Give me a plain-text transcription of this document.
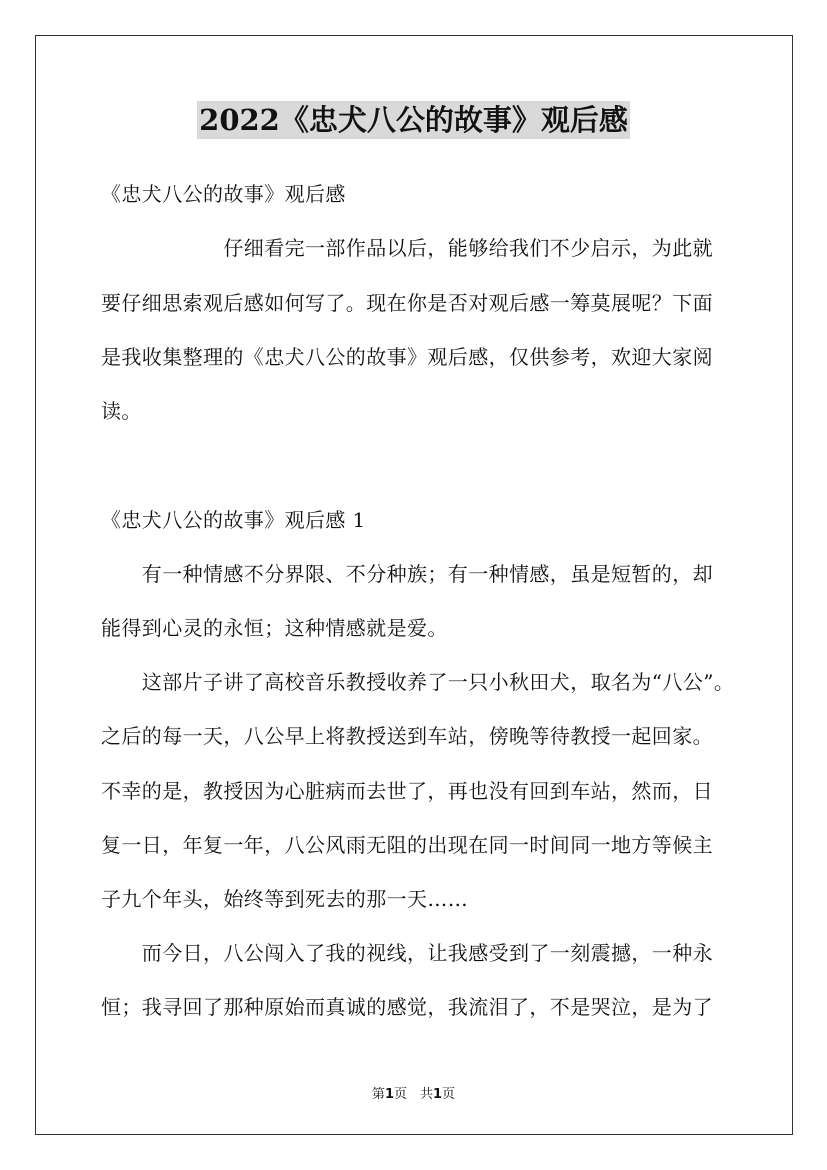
2022《忠犬八公的故事》观后感
《忠犬八公的故事》观后感
　　　　　　仔细看完一部作品以后，能够给我们不少启示，为此就
要仔细思索观后感如何写了。现在你是否对观后感一筹莫展呢？下面
是我收集整理的《忠犬八公的故事》观后感，仅供参考，欢迎大家阅
读。
《忠犬八公的故事》观后感 1
　　有一种情感不分界限、不分种族；有一种情感，虽是短暂的，却
能得到心灵的永恒；这种情感就是爱。
　　这部片子讲了高校音乐教授收养了一只小秋田犬，取名为“八公”。
之后的每一天，八公早上将教授送到车站，傍晚等待教授一起回家。
不幸的是，教授因为心脏病而去世了，再也没有回到车站，然而，日
复一日，年复一年，八公风雨无阻的出现在同一时间同一地方等候主
子九个年头，始终等到死去的那一天……
　　而今日，八公闯入了我的视线，让我感受到了一刻震撼，一种永
恒；我寻回了那种原始而真诚的感觉，我流泪了，不是哭泣，是为了
第1页　共1页
